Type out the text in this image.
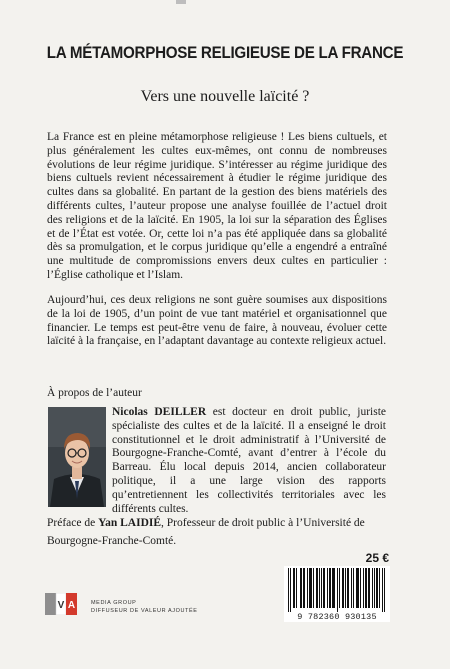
LA MÉTAMORPHOSE RELIGIEUSE DE LA FRANCE
Vers une nouvelle laïcité ?
La France est en pleine métamorphose religieuse ! Les biens cultuels, et plus généralement les cultes eux-mêmes, ont connu de nombreuses évolutions de leur régime juridique. S’intéresser au régime juridique des biens cultuels revient nécessairement à étudier le régime juridique des cultes dans sa globalité. En partant de la gestion des biens matériels des différents cultes, l’auteur propose une analyse fouillée de l’actuel droit des religions et de la laïcité. En 1905, la loi sur la séparation des Églises et de l’État est votée. Or, cette loi n’a pas été appliquée dans sa globalité dès sa promulgation, et le corpus juridique qu’elle a engendré a entraîné une multitude de compromissions envers deux cultes en particulier : l’Église catholique et l’Islam.
Aujourd’hui, ces deux religions ne sont guère soumises aux dispositions de la loi de 1905, d’un point de vue tant matériel et organisationnel que financier. Le temps est peut-être venu de faire, à nouveau, évoluer cette laïcité à la française, en l’adaptant davantage au contexte religieux actuel.
À propos de l’auteur
Nicolas DEILLER est docteur en droit public, juriste spécialiste des cultes et de la laïcité. Il a enseigné le droit constitutionnel et le droit administratif à l’Université de Bourgogne-Franche-Comté, avant d’entrer à l’école du Barreau. Élu local depuis 2014, ancien collaborateur politique, il a une large vision des rapports qu’entretiennent les collectivités territoriales avec les différents cultes.
Préface de Yan LAIDIÉ, Professeur de droit public à l’Université de Bourgogne-Franche-Comté.
25 €
9 782360 930135
V A	MEDIA GROUP
DIFFUSEUR DE VALEUR AJOUTÉE
